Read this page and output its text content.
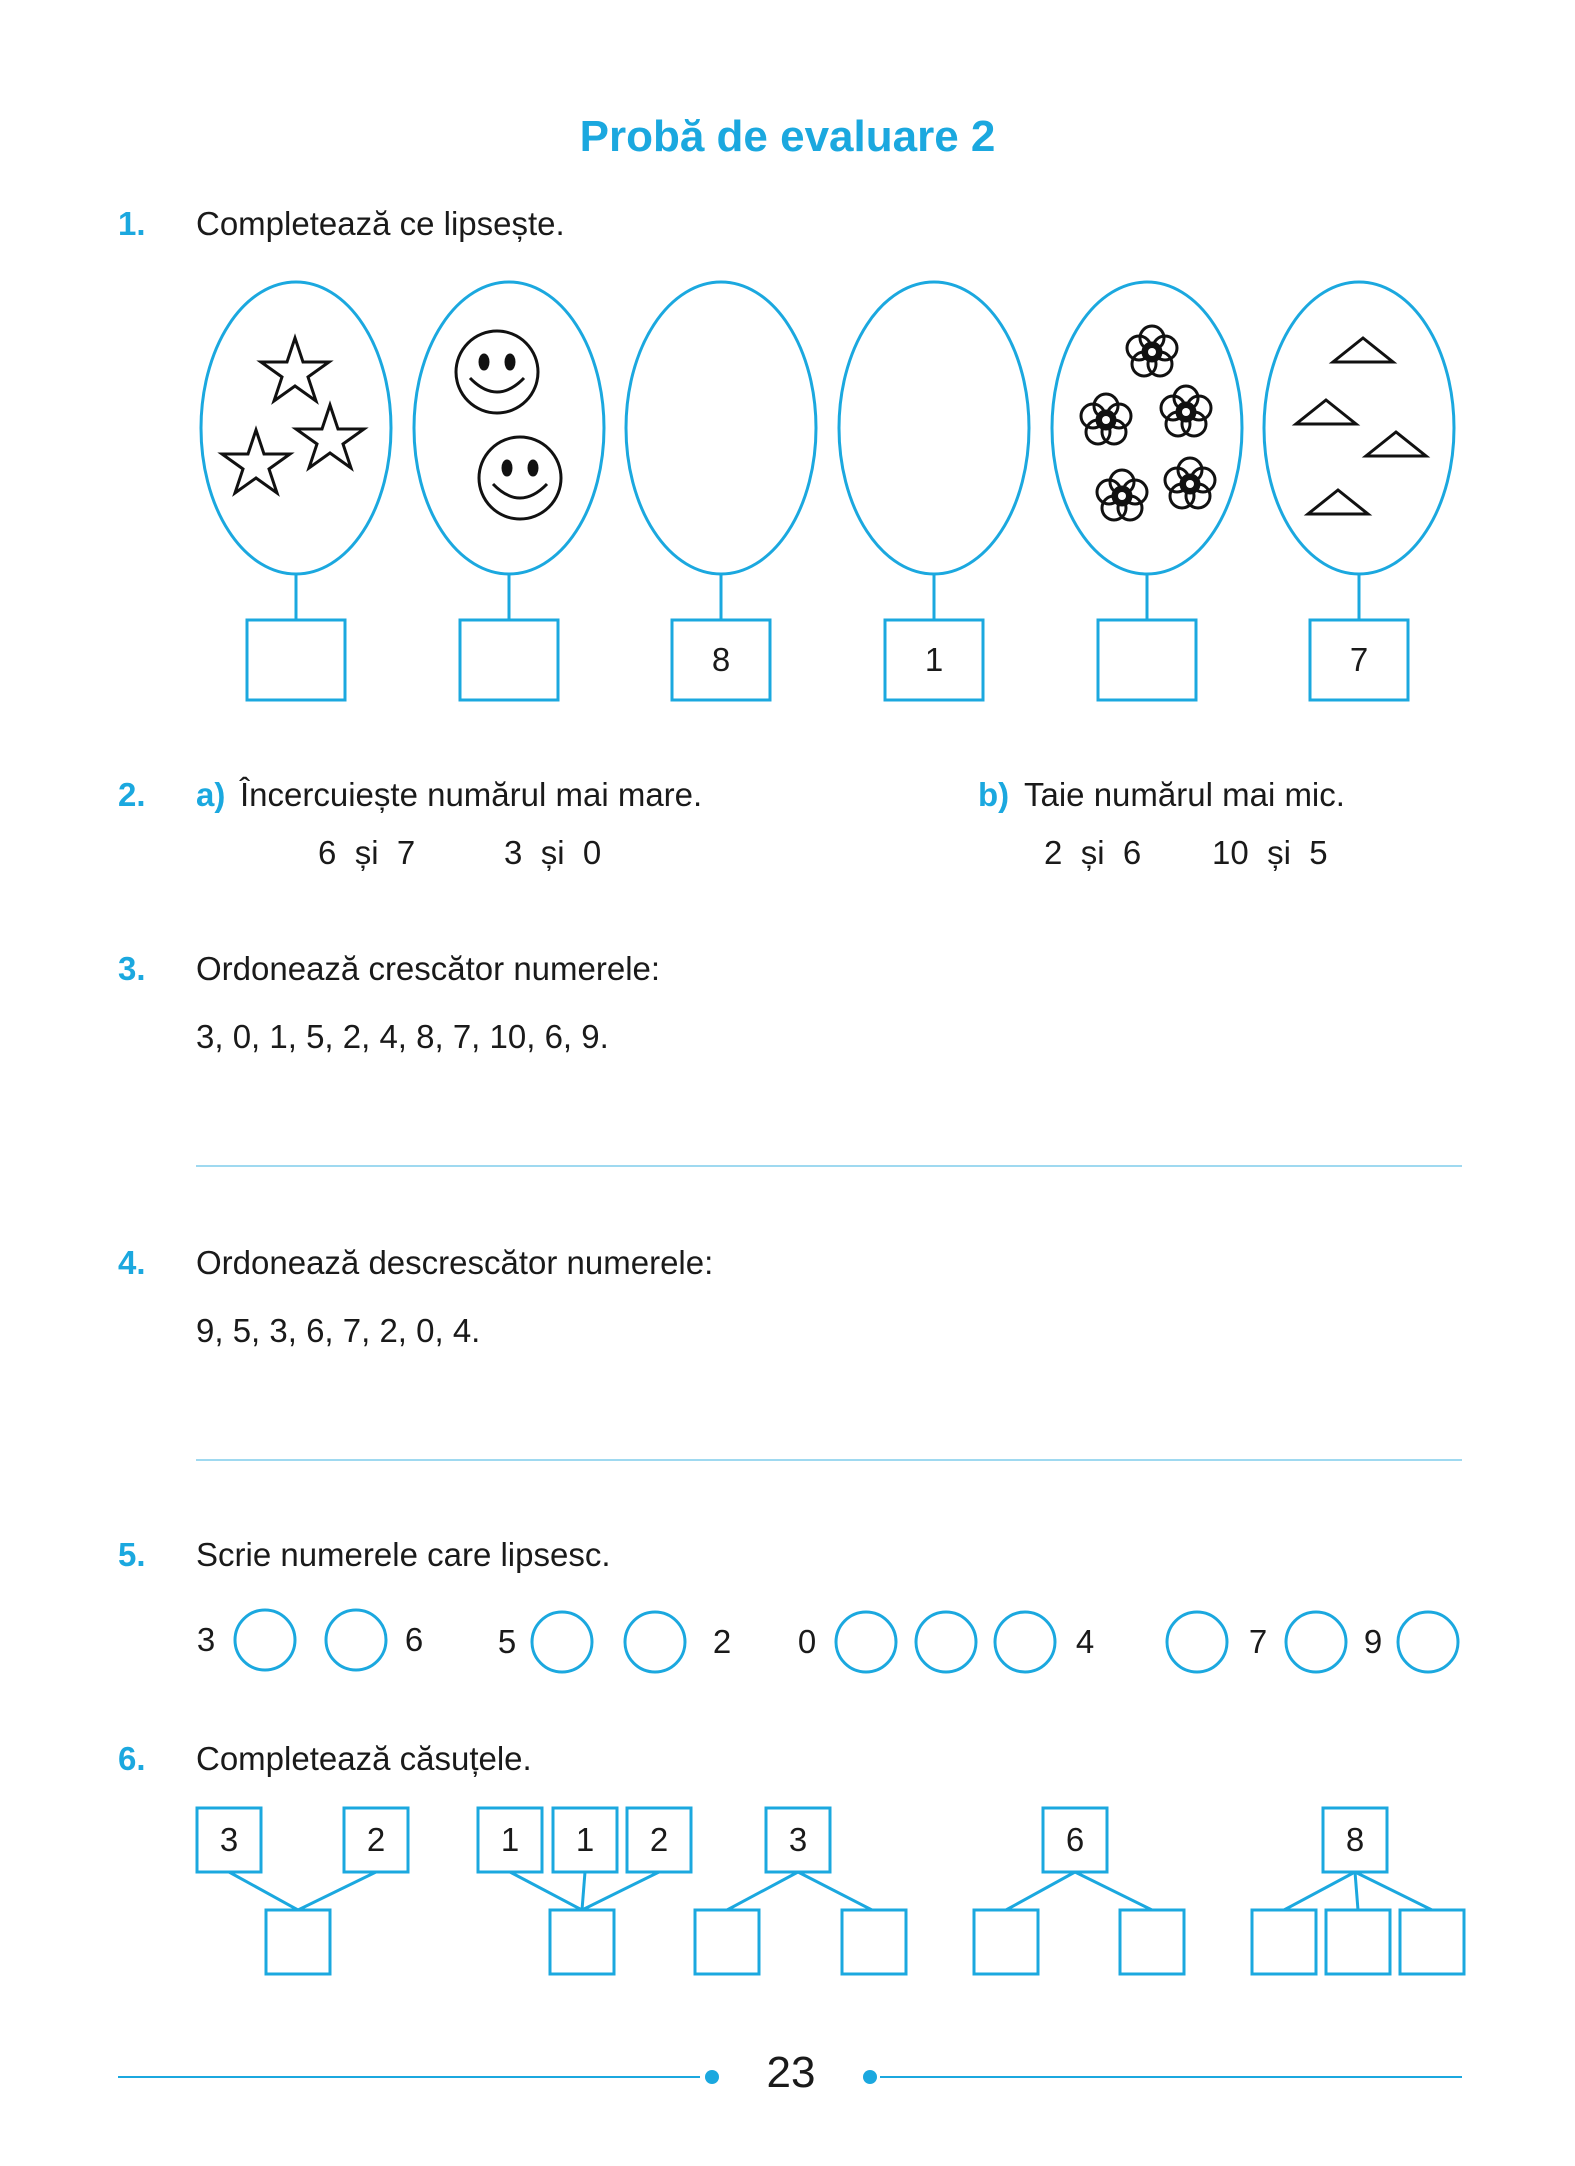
Probă de evaluare 2
1. Completează ce lipsește.
8	1	7
2. a) Încercuiește numărul mai mare.
6 și 7	3 și 0
b) Taie numărul mai mic.
2 și 6 10 și 5
3. Ordonează crescător numerele:
3, 0, 1, 5, 2, 4, 8, 7, 10, 6, 9.
4. Ordonează descrescător numerele:
9, 5, 3, 6, 7, 2, 0, 4.
5. Scrie numerele care lipsesc.
3	6 5	2 0	4	7	9
6. Completează căsuțele.
3	2	1 1 2	3	6	8
23
